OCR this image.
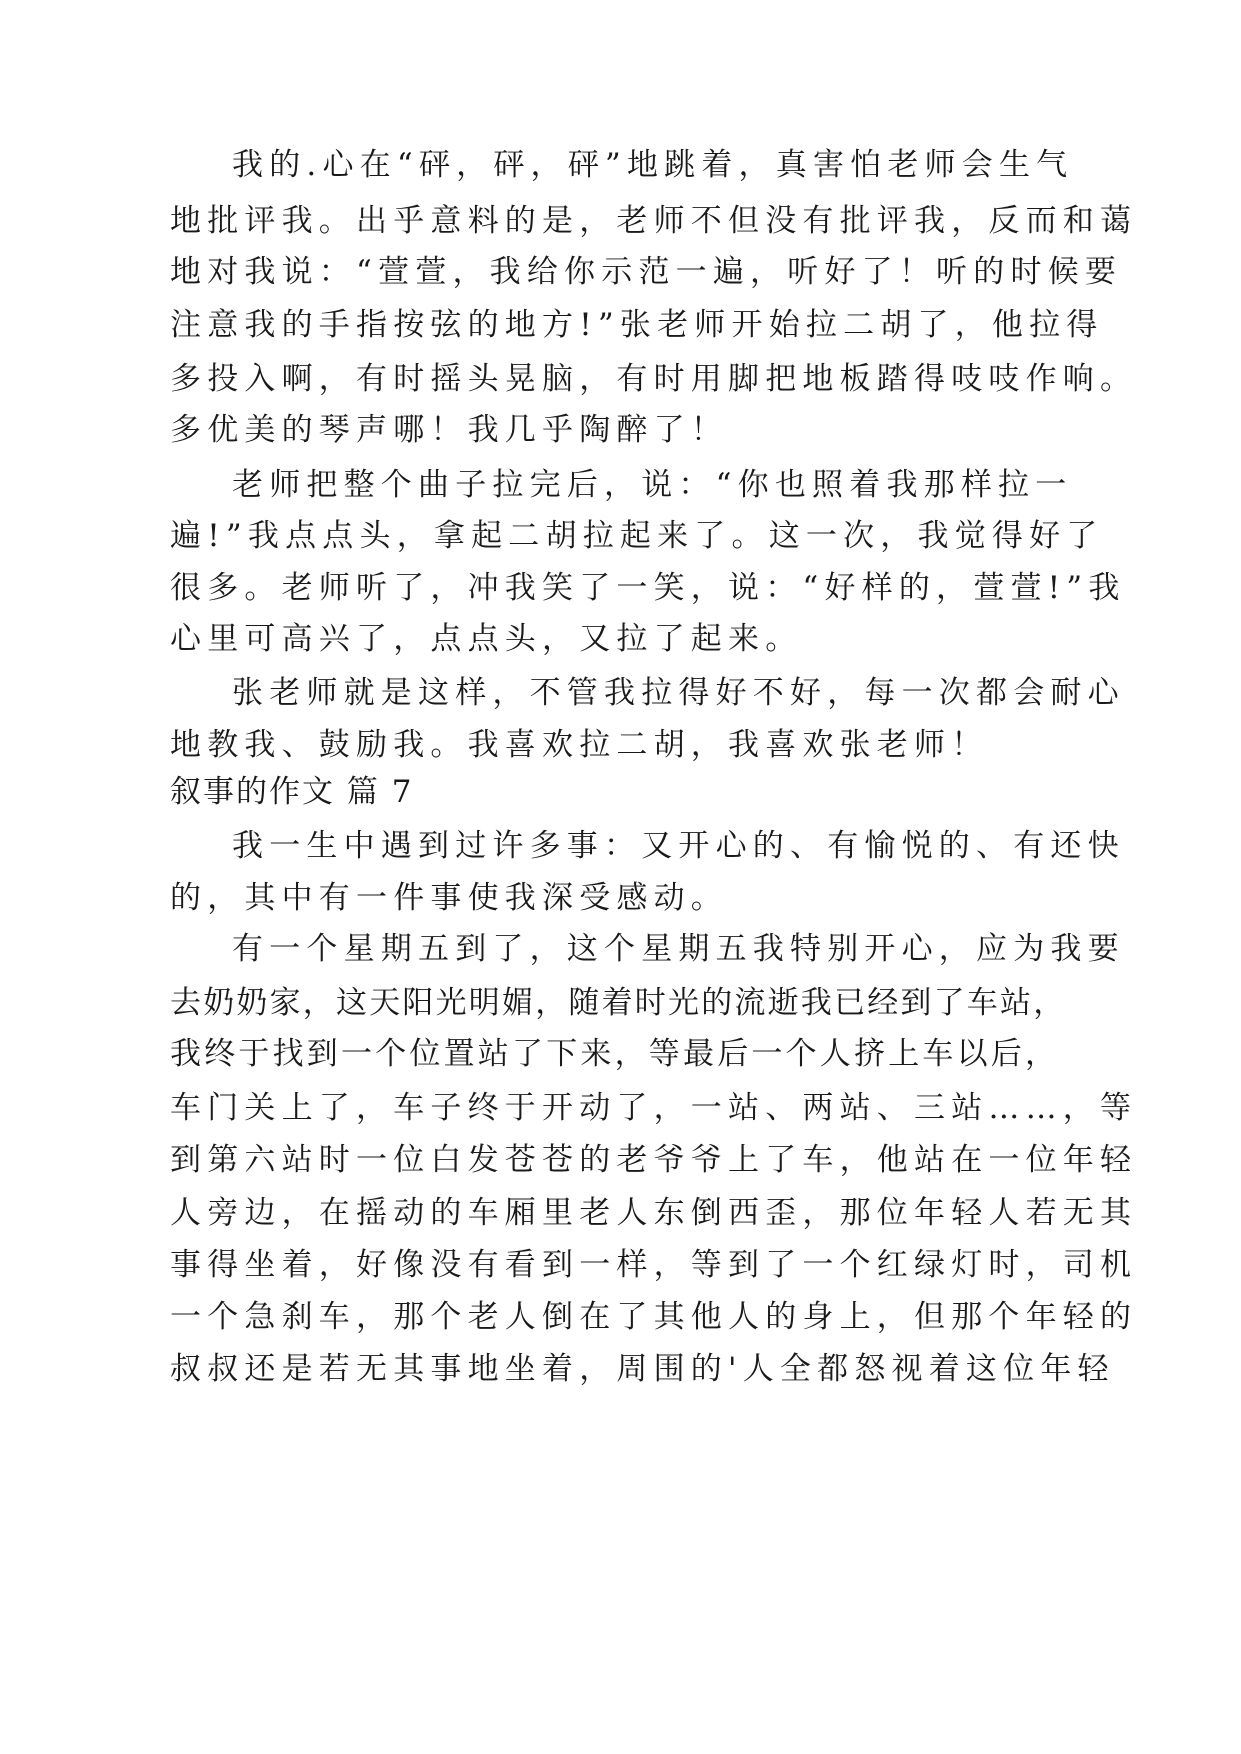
我的.心在“砰，砰，砰”地跳着，真害怕老师会生气
地批评我。出乎意料的是，老师不但没有批评我，反而和蔼
地对我说：“萱萱，我给你示范一遍，听好了！听的时候要
注意我的手指按弦的地方!”张老师开始拉二胡了，他拉得
多投入啊，有时摇头晃脑，有时用脚把地板踏得吱吱作响。
多优美的琴声哪！我几乎陶醉了！
老师把整个曲子拉完后，说：“你也照着我那样拉一
遍!”我点点头，拿起二胡拉起来了。这一次，我觉得好了
很多。老师听了，冲我笑了一笑，说：“好样的，萱萱!”我
心里可高兴了，点点头，又拉了起来。
张老师就是这样，不管我拉得好不好，每一次都会耐心
地教我、鼓励我。我喜欢拉二胡，我喜欢张老师！
叙事的作文 篇 7
我一生中遇到过许多事：又开心的、有愉悦的、有还快
的，其中有一件事使我深受感动。
有一个星期五到了，这个星期五我特别开心，应为我要
去奶奶家，这天阳光明媚，随着时光的流逝我已经到了车站，
我终于找到一个位置站了下来，等最后一个人挤上车以后，
车门关上了，车子终于开动了，一站、两站、三站……，等
到第六站时一位白发苍苍的老爷爷上了车，他站在一位年轻
人旁边，在摇动的车厢里老人东倒西歪，那位年轻人若无其
事得坐着，好像没有看到一样，等到了一个红绿灯时，司机
一个急刹车，那个老人倒在了其他人的身上，但那个年轻的
叔叔还是若无其事地坐着，周围的'人全都怒视着这位年轻
